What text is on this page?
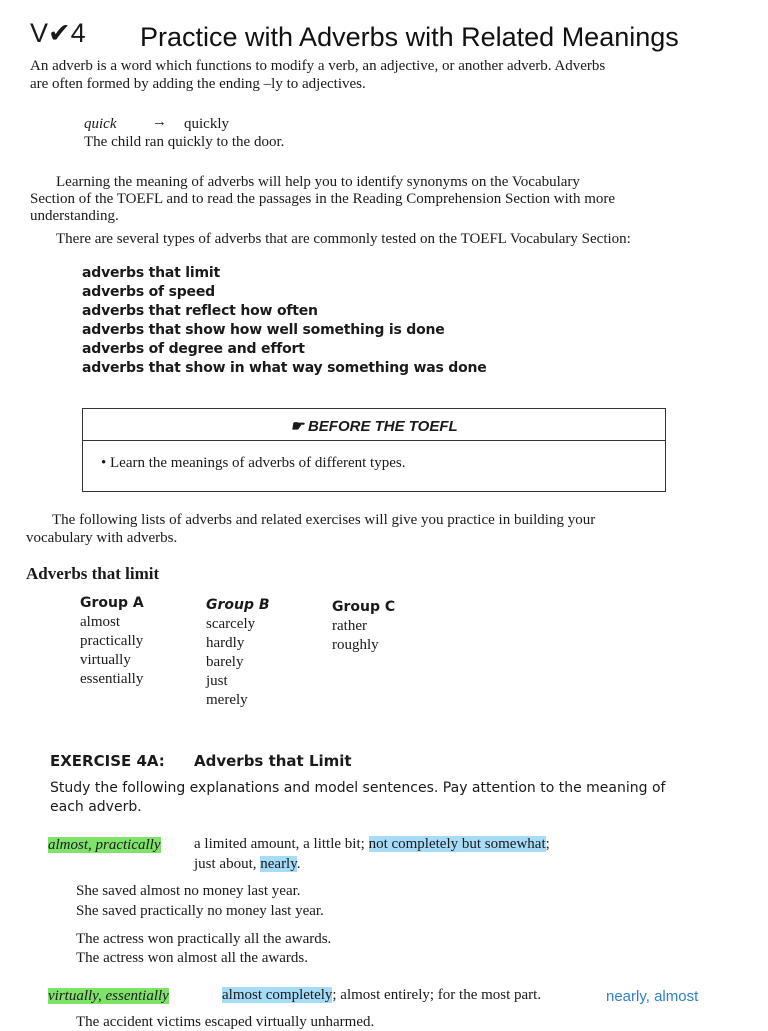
V✔4 Practice with Adverbs with Related Meanings
An adverb is a word which functions to modify a verb, an adjective, or another adverb. Adverbs
are often formed by adding the ending –ly to adjectives.
quick → quickly
The child ran quickly to the door.
Learning the meaning of adverbs will help you to identify synonyms on the Vocabulary
Section of the TOEFL and to read the passages in the Reading Comprehension Section with more
understanding.
There are several types of adverbs that are commonly tested on the TOEFL Vocabulary Section:
adverbs that limit
adverbs of speed
adverbs that reflect how often
adverbs that show how well something is done
adverbs of degree and effort
adverbs that show in what way something was done
☛ BEFORE THE TOEFL
• Learn the meanings of adverbs of different types.
The following lists of adverbs and related exercises will give you practice in building your
vocabulary with adverbs.
Adverbs that limit
Group A
almost
practically
virtually
essentially
Group B
scarcely
hardly
barely
just
merely
Group C
rather
roughly
EXERCISE 4A: Adverbs that Limit
Study the following explanations and model sentences. Pay attention to the meaning of
each adverb.
almost, practically a limited amount, a little bit; not completely but somewhat;
just about, nearly.
She saved almost no money last year.
She saved practically no money last year.
The actress won practically all the awards.
The actress won almost all the awards.
virtually, essentially	almost completely; almost entirely; for the most part.	nearly, almost
The accident victims escaped virtually unharmed.
